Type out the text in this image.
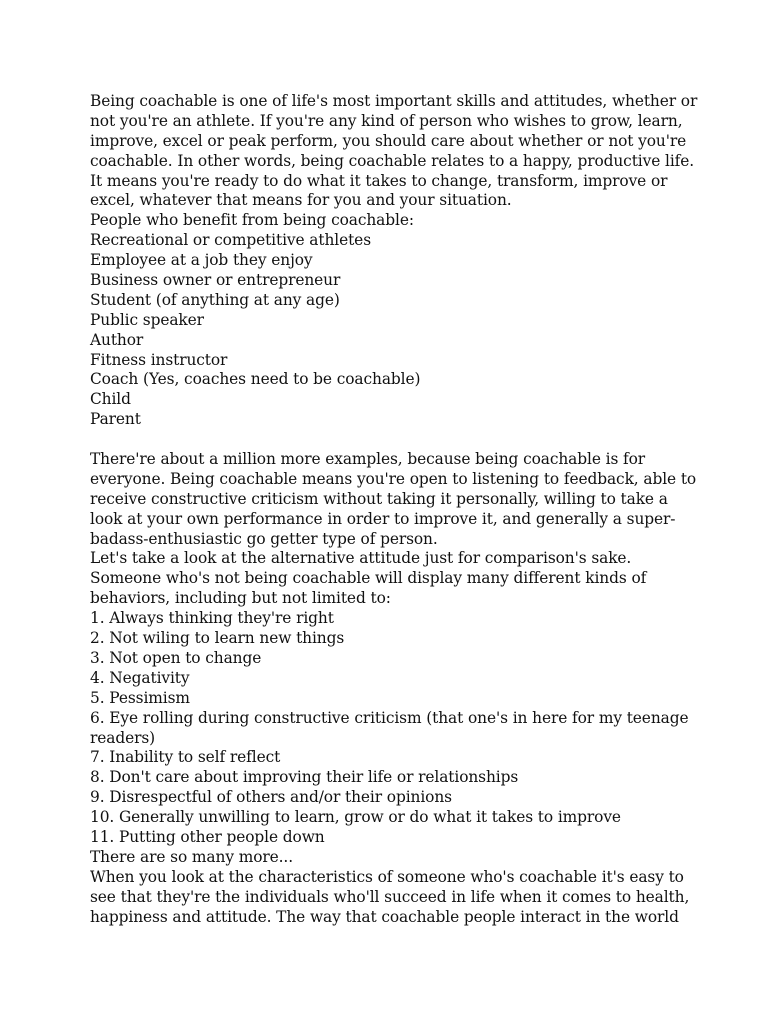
Being coachable is one of life's most important skills and attitudes, whether or
not you're an athlete. If you're any kind of person who wishes to grow, learn,
improve, excel or peak perform, you should care about whether or not you're
coachable. In other words, being coachable relates to a happy, productive life.
It means you're ready to do what it takes to change, transform, improve or
excel, whatever that means for you and your situation.
People who benefit from being coachable:
Recreational or competitive athletes
Employee at a job they enjoy
Business owner or entrepreneur
Student (of anything at any age)
Public speaker
Author
Fitness instructor
Coach (Yes, coaches need to be coachable)
Child
Parent
There're about a million more examples, because being coachable is for
everyone. Being coachable means you're open to listening to feedback, able to
receive constructive criticism without taking it personally, willing to take a
look at your own performance in order to improve it, and generally a super-
badass-enthusiastic go getter type of person.
Let's take a look at the alternative attitude just for comparison's sake.
Someone who's not being coachable will display many different kinds of
behaviors, including but not limited to:
1. Always thinking they're right
2. Not wiling to learn new things
3. Not open to change
4. Negativity
5. Pessimism
6. Eye rolling during constructive criticism (that one's in here for my teenage
readers)
7. Inability to self reflect
8. Don't care about improving their life or relationships
9. Disrespectful of others and/or their opinions
10. Generally unwilling to learn, grow or do what it takes to improve
11. Putting other people down
There are so many more...
When you look at the characteristics of someone who's coachable it's easy to
see that they're the individuals who'll succeed in life when it comes to health,
happiness and attitude. The way that coachable people interact in the world
